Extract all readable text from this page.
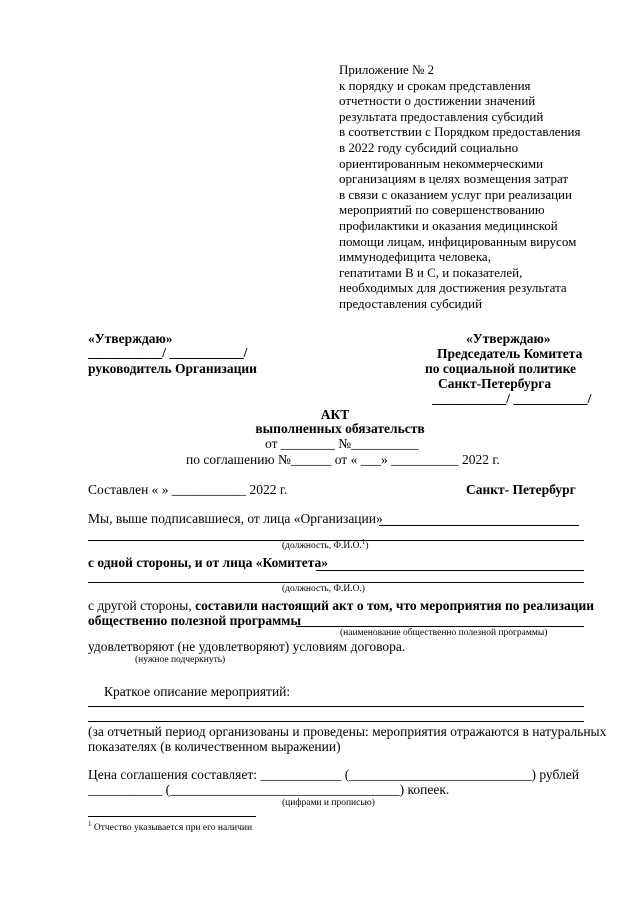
Приложение № 2
к порядку и срокам представления
отчетности о достижении значений
результата предоставления субсидий
в соответствии с Порядком предоставления
в 2022 году субсидий социально
ориентированным некоммерческими
организациям в целях возмещения затрат
в связи с оказанием услуг при реализации
мероприятий по совершенствованию
профилактики и оказания медицинской
помощи лицам, инфицированным вирусом
иммунодефицита человека,
гепатитами В и С, и показателей,
необходимых для достижения результата
предоставления субсидий
«Утверждаю»
___________/ ___________/
руководитель Организации
«Утверждаю»
Председатель Комитета
по социальной политике
Санкт-Петербурга
___________/ ___________/
АКТ
выполненных обязательств
от ________ №__________
по соглашению №______ от « ___» __________ 2022 г.
Составлен « » ___________ 2022 г.	Санкт- Петербург
Мы, выше подписавшиеся, от лица «Организации»
(должность, Ф.И.О.$^1$)
с одной стороны, и от лица «Комитета»
(должность, Ф.И.О.)
с другой стороны, составили настоящий акт о том, что мероприятия по реализации
общественно полезной программы
(наименование общественно полезной программы)
удовлетворяют (не удовлетворяют) условиям договора.
(нужное подчеркнуть)
Краткое описание мероприятий:
(за отчетный период организованы и проведены: мероприятия отражаются в натуральных
показателях (в количественном выражении)
Цена соглашения составляет: ____________ (___________________________) рублей
___________ (__________________________________) копеек.
(цифрами и прописью)
$^1$ Отчество указывается при его наличии
